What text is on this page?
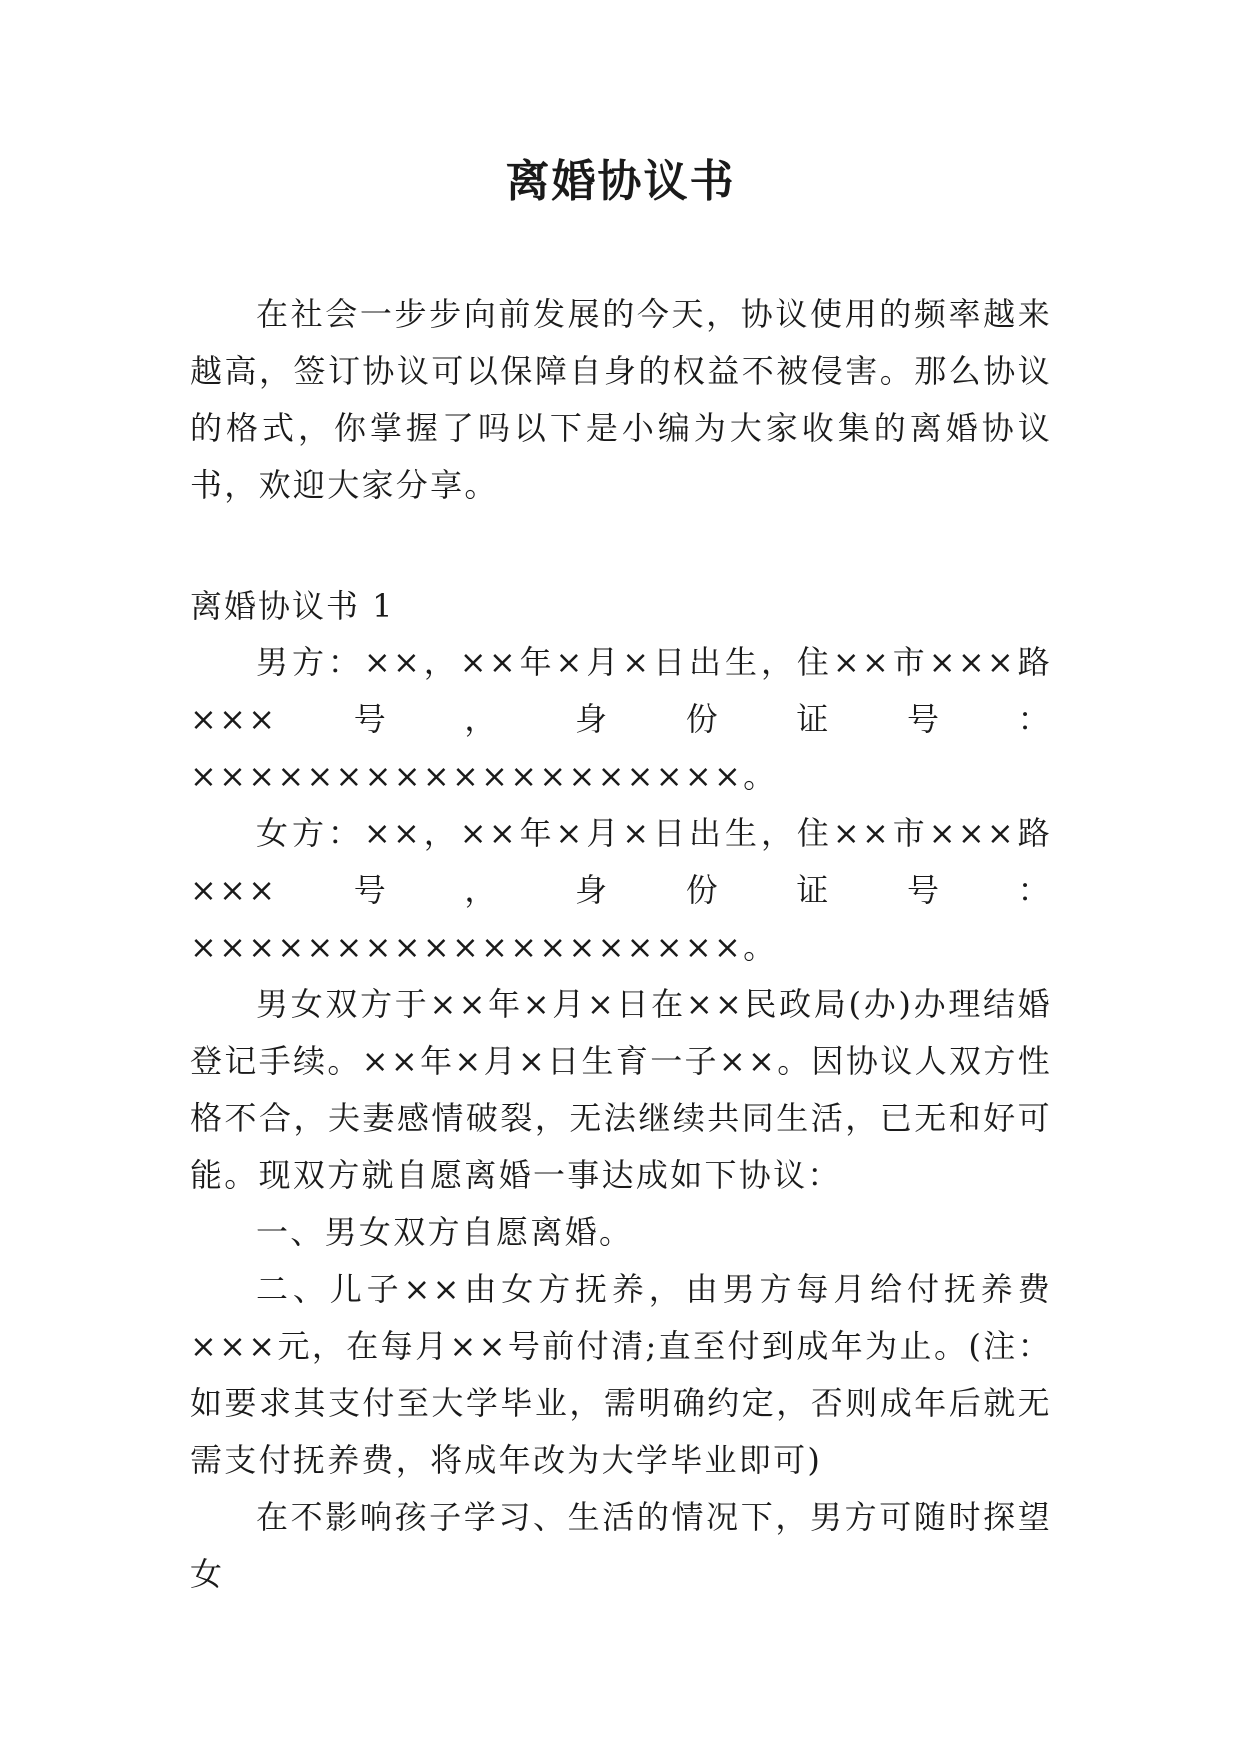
离婚协议书

在社会一步步向前发展的今天，协议使用的频率越来越高，签订协议可以保障自身的权益不被侵害。那么协议的格式，你掌握了吗以下是小编为大家收集的离婚协议书，欢迎大家分享。

离婚协议书 1

男方：××，××年×月×日出生，住××市×××路×××号，身份证号：×××××××××××××××××××。

女方：××，××年×月×日出生，住××市×××路×××号，身份证号：×××××××××××××××××××。

男女双方于××年×月×日在××民政局(办)办理结婚登记手续。××年×月×日生育一子××。因协议人双方性格不合，夫妻感情破裂，无法继续共同生活，已无和好可能。现双方就自愿离婚一事达成如下协议：

一、男女双方自愿离婚。

二、儿子××由女方抚养，由男方每月给付抚养费×××元，在每月××号前付清;直至付到成年为止。(注：如要求其支付至大学毕业，需明确约定，否则成年后就无需支付抚养费，将成年改为大学毕业即可)

在不影响孩子学习、生活的情况下，男方可随时探望女
